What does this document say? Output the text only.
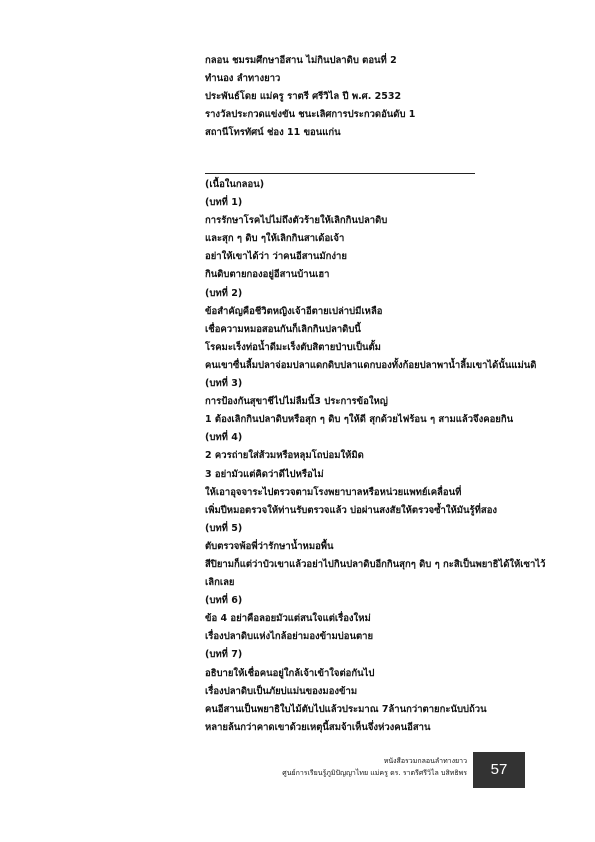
กลอน ชมรมศึกษาอีสาน ไม่กินปลาดิบ ตอนที่ 2
ทำนอง ลำทางยาว
ประพันธ์โดย แม่ครู ราตรี ศรีวิไล ปี พ.ศ. 2532
รางวัลประกวดแข่งขัน ชนะเลิศการประกวดอันดับ 1
สถานีโทรทัศน์ ช่อง 11 ขอนแก่น
(เนื้อในกลอน)
(บทที่ 1)
การรักษาโรคไปไม่ถึงตัวร้ายให้เลิกกินปลาดิบ
และสุก ๆ ดิบ ๆให้เลิกกินสาเด้อเจ้า
อย่าให้เขาได้ว่า ว่าคนอีสานมักง่าย
กินดิบตายกองอยู่อีสานบ้านเฮา
(บทที่ 2)
ข้อสำคัญคือชีวิตหญิงเจ้าอีตายเปล่าบ่มีเหลือ
เชื่อความหมอสอนกันก็เลิกกินปลาดิบนี้
โรคมะเร็งท่อน้ำดีมะเร็งตับสิตายป่าบเป็นตั้ม
คนเขาซื่นลี้มปลาจ่อมปลาแดกดิบปลาแดกบองทั้งก้อยปลาพาน้ำลี้มเขาได้นั้นแม่นดิ
(บทที่ 3)
การป้องกันสุขาชีไปไม่ลืมนี้3 ประการข้อใหญ่
1 ต้องเลิกกินปลาดิบหรือสุก ๆ ดิบ ๆให้ดี สุกด้วยไฟร้อน ๆ สามแล้วจึงคอยกิน
(บทที่ 4)
2 ควรถ่ายใส่ส้วมหรือหลุมโถบ่อมให้มิด
3 อย่ามัวแต่คิดว่าดีไปหรือไม่
ให้เอาอุจจาระไปตรวจตามโรงพยาบาลหรือหน่วยแพทย์เคลื่อนที่
เพิ่มปีหมอตรวจให้ท่านรับตรวจแล้ว บ่อผ่านสงสัยให้ตรวจซ้ำให้มันรู้ที่สอง
(บทที่ 5)
ตับตรวจพ้อพี่ว่ารักษาน้ำหมอพื้น
สีปิยามก็แต่ว่าป๋วเขาแล้วอย่าไปกินปลาดิบอีกกินสุกๆ ดิบ ๆ กะสิเป็นพยาธิได้ให้เซาไว้
เลิกเลย
(บทที่ 6)
ข้อ 4 อย่าคือลอยมัวแต่สนใจแต่เรื่องใหม่
เรื่องปลาดิบแห่งไกล้อย่ามองข้ามบ่อนตาย
(บทที่ 7)
อธิบายให้เชื่อคนอยู่ใกล้เจ้าเข้าใจต่อกันไป
เรื่องปลาดิบเป็นภัยบ่แม่นของมองข้าม
คนอีสานเป็นพยาธิใบไม้ตับไปแล้วประมาณ 7ล้านกว่าตายกะนับบ่ถ้วน
หลายล้นกว่าคาดเขาด้วยเหตุนี้สมจ้าเห็นจึ่งห่วงคนอีสาน
หนังสือรวมกลอนลำทางยาว
ศูนย์การเรียนรู้ภูมิปัญญาไทย แม่ครู ดร. ราตรีศรีวิไล บสิทธิพร	57
